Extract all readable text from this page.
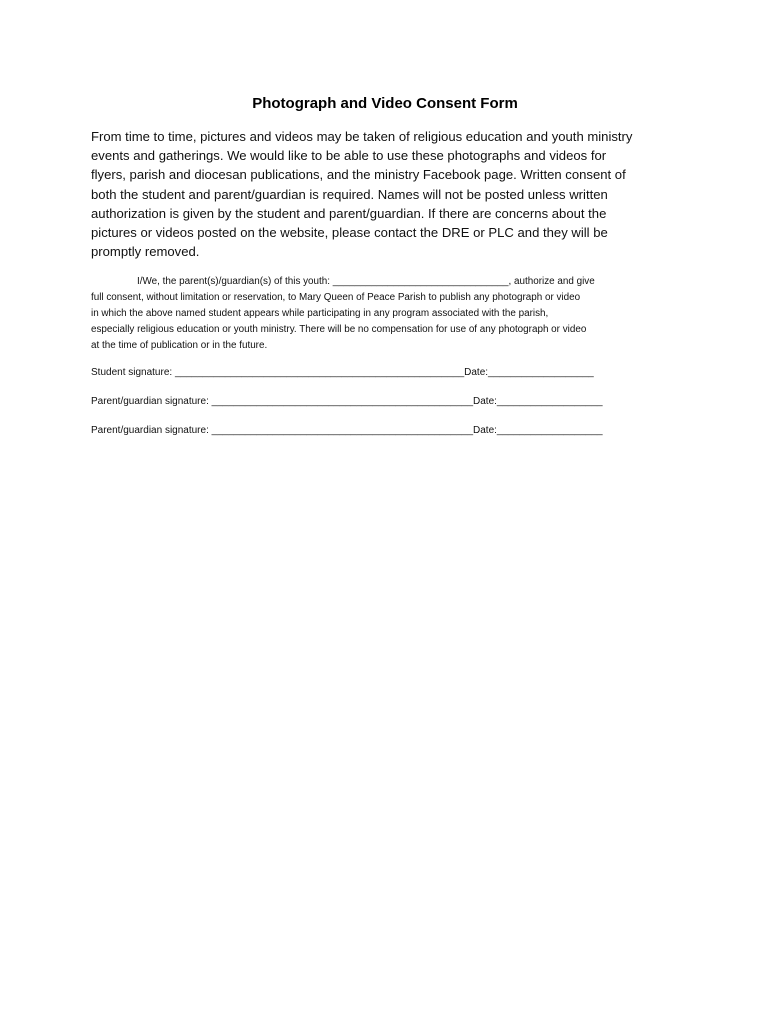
Photograph and Video Consent Form
From time to time, pictures and videos may be taken of religious education and youth ministry
events and gatherings. We would like to be able to use these photographs and videos for
flyers, parish and diocesan publications, and the ministry Facebook page. Written consent of
both the student and parent/guardian is required. Names will not be posted unless written
authorization is given by the student and parent/guardian. If there are concerns about the
pictures or videos posted on the website, please contact the DRE or PLC and they will be
promptly removed.
I/We, the parent(s)/guardian(s) of this youth: ________________________________, authorize and give
full consent, without limitation or reservation, to Mary Queen of Peace Parish to publish any photograph or video
in which the above named student appears while participating in any program associated with the parish,
especially religious education or youth ministry. There will be no compensation for use of any photograph or video
at the time of publication or in the future.
Student signature: ____________________________________________________Date:___________________
Parent/guardian signature: _______________________________________________Date:___________________
Parent/guardian signature: _______________________________________________Date:___________________
